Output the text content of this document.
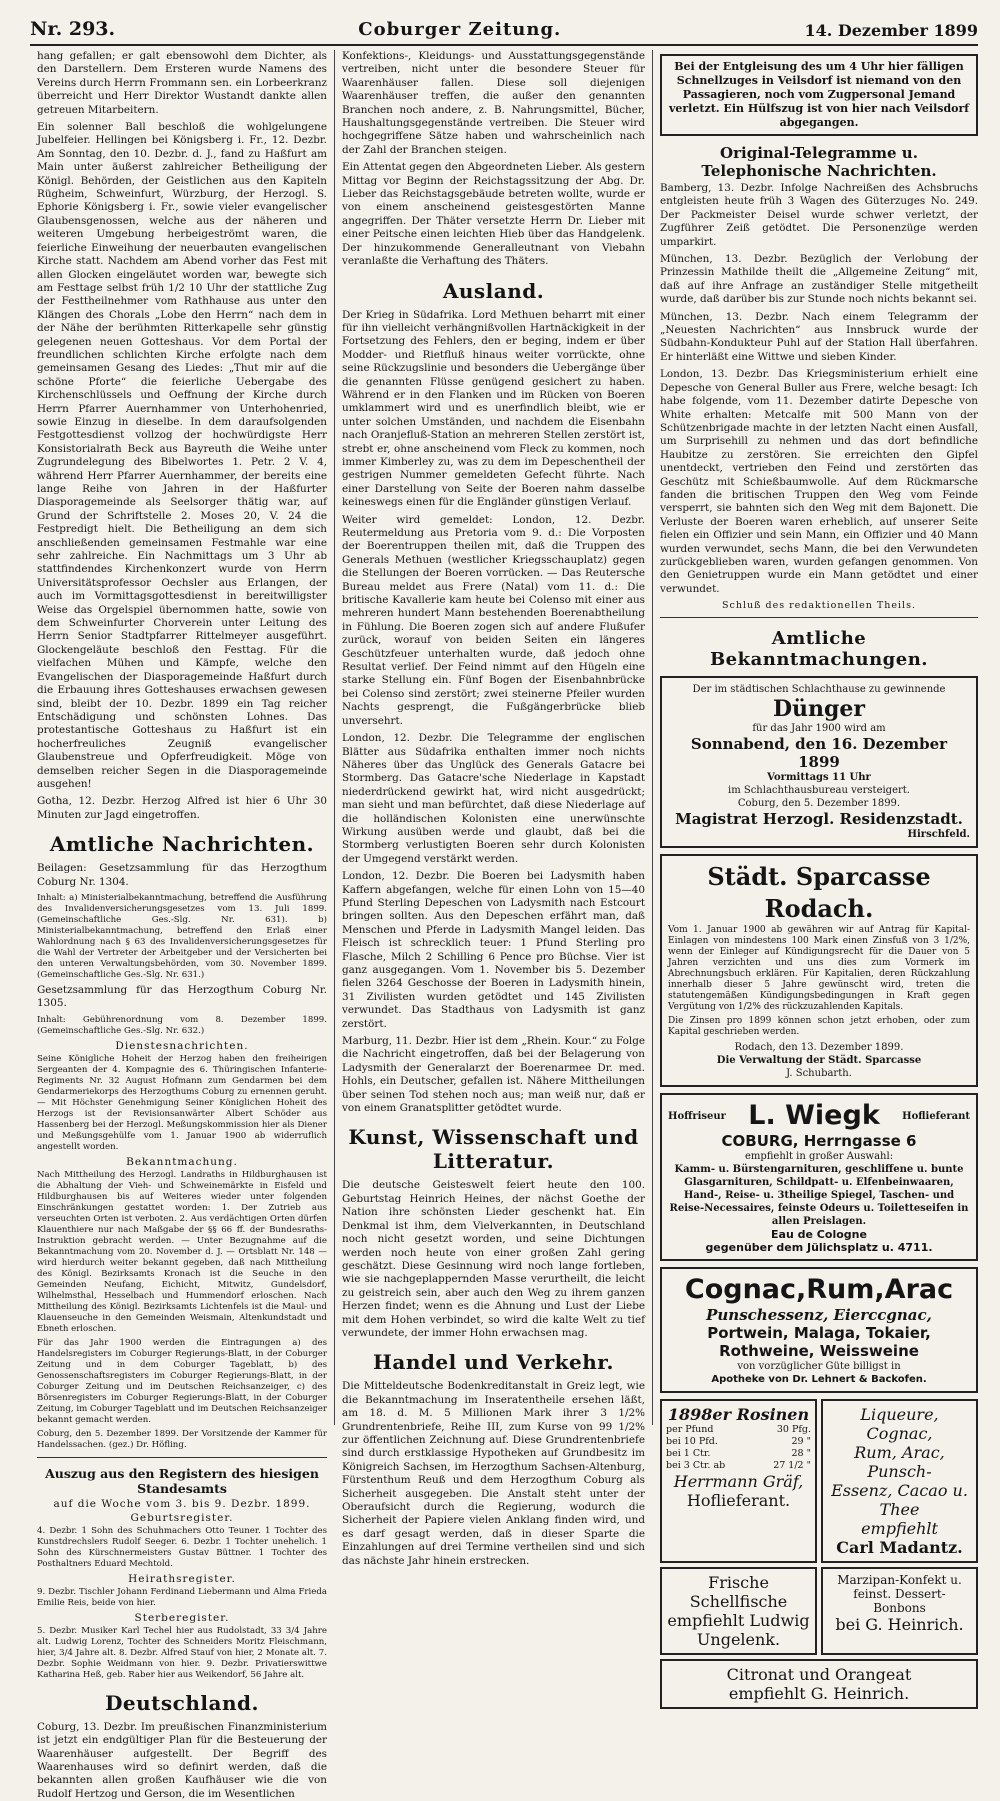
Nr. 293.	Coburger Zeitung.	14. Dezember 1899

hang gefallen; er galt ebensowohl dem Dichter, als den Darstellern. Dem Ersteren wurde Namens des Vereins durch Herrn Frommann sen. ein Lorbeerkranz überreicht und Herr Direktor Wustandt dankte allen getreuen Mitarbeitern.

Ein solenner Ball beschloß die wohlgelungene Jubelfeier. Hellingen bei Königsberg i. Fr., 12. Dezbr. Am Sonntag, den 10. Dezbr. d. J., fand zu Haßfurt am Main unter äußerst zahlreicher Betheiligung der Königl. Behörden, der Geistlichen aus den Kapiteln Rügheim, Schweinfurt, Würzburg, der Herzogl. S. Ephorie Königsberg i. Fr., sowie vieler evangelischer Glaubensgenossen, welche aus der näheren und weiteren Umgebung herbeigeströmt waren, die feierliche Einweihung der neuerbauten evangelischen Kirche statt. Nachdem am Abend vorher das Fest mit allen Glocken eingeläutet worden war, bewegte sich am Festtage selbst früh 1/2 10 Uhr der stattliche Zug der Festtheilnehmer vom Rathhause aus unter den Klängen des Chorals „Lobe den Herrn“ nach dem in der Nähe der berühmten Ritterkapelle sehr günstig gelegenen neuen Gotteshaus. Vor dem Portal der freundlichen schlichten Kirche erfolgte nach dem gemeinsamen Gesang des Liedes: „Thut mir auf die schöne Pforte“ die feierliche Uebergabe des Kirchenschlüssels und Oeffnung der Kirche durch Herrn Pfarrer Auernhammer von Unterhohenried, sowie Einzug in dieselbe. In dem daraufsolgenden Festgottesdienst vollzog der hochwürdigste Herr Konsistorialrath Beck aus Bayreuth die Weihe unter Zugrundelegung des Bibelwortes 1. Petr. 2 V. 4, während Herr Pfarrer Auernhammer, der bereits eine lange Reihe von Jahren in der Haßfurter Diasporagemeinde als Seelsorger thätig war, auf Grund der Schriftstelle 2. Moses 20, V. 24 die Festpredigt hielt. Die Betheiligung an dem sich anschließenden gemeinsamen Festmahle war eine sehr zahlreiche. Ein Nachmittags um 3 Uhr ab stattfindendes Kirchenkonzert wurde von Herrn Universitätsprofessor Oechsler aus Erlangen, der auch im Vormittagsgottesdienst in bereitwilligster Weise das Orgelspiel übernommen hatte, sowie von dem Schweinfurter Chorverein unter Leitung des Herrn Senior Stadtpfarrer Rittelmeyer ausgeführt. Glockengeläute beschloß den Festtag. Für die vielfachen Mühen und Kämpfe, welche den Evangelischen der Diasporagemeinde Haßfurt durch die Erbauung ihres Gotteshauses erwachsen gewesen sind, bleibt der 10. Dezbr. 1899 ein Tag reicher Entschädigung und schönsten Lohnes. Das protestantische Gotteshaus zu Haßfurt ist ein hocherfreuliches Zeugniß evangelischer Glaubenstreue und Opferfreudigkeit. Möge von demselben reicher Segen in die Diasporagemeinde ausgehen!

Gotha, 12. Dezbr. Herzog Alfred ist hier 6 Uhr 30 Minuten zur Jagd eingetroffen.

Amtliche Nachrichten.

Beilagen: Gesetzsammlung für das Herzogthum Coburg Nr. 1304.

Inhalt: a) Ministerialbekanntmachung, betreffend die Ausführung des Invalidenversicherungsgesetzes vom 13. Juli 1899. (Gemeinschaftliche Ges.-Slg. Nr. 631). b) Ministerialbekanntmachung, betreffend den Erlaß einer Wahlordnung nach § 63 des Invalidenversicherungsgesetzes für die Wahl der Vertreter der Arbeitgeber und der Versicherten bei den unteren Verwaltungsbehörden, vom 30. November 1899. (Gemeinschaftliche Ges.-Slg. Nr. 631.)

Gesetzsammlung für das Herzogthum Coburg Nr. 1305.

Inhalt: Gebührenordnung vom 8. Dezember 1899. (Gemeinschaftliche Ges.-Slg. Nr. 632.)

Dienstesnachrichten.

Seine Königliche Hoheit der Herzog haben den freiheirigen Sergeanten der 4. Kompagnie des 6. Thüringischen Infanterie-Regiments Nr. 32 August Hofmann zum Gendarmen bei dem Gendarmeriekorps des Herzogthums Coburg zu ernennen geruht. — Mit Höchster Genehmigung Seiner Königlichen Hoheit des Herzogs ist der Revisionsanwärter Albert Schöder aus Hassenberg bei der Herzogl. Meßungskommission hier als Diener und Meßungsgehülfe vom 1. Januar 1900 ab widerruflich angestellt worden.

Bekanntmachung.

Nach Mittheilung des Herzogl. Landraths in Hildburghausen ist die Abhaltung der Vieh- und Schweinemärkte in Eisfeld und Hildburghausen bis auf Weiteres wieder unter folgenden Einschränkungen gestattet worden: 1. Der Zutrieb aus verseuchten Orten ist verboten. 2. Aus verdächtigen Orten dürfen Klauenthiere nur nach Maßgabe der §§ 66 ff. der Bundesraths-Instruktion gebracht werden. — Unter Bezugnahme auf die Bekanntmachung vom 20. November d. J. — Ortsblatt Nr. 148 — wird hierdurch weiter bekannt gegeben, daß nach Mittheilung des Königl. Bezirksamts Kronach ist die Seuche in den Gemeinden Neufang, Eichicht, Mitwitz, Gundelsdorf, Wilhelmsthal, Hesselbach und Hummendorf erloschen. Nach Mittheilung des Königl. Bezirksamts Lichtenfels ist die Maul- und Klauenseuche in den Gemeinden Weismain, Altenkundstadt und Ebneth erloschen.

Für das Jahr 1900 werden die Eintragungen a) des Handelsregisters im Coburger Regierungs-Blatt, in der Coburger Zeitung und in dem Coburger Tageblatt, b) des Genossenschaftsregisters im Coburger Regierungs-Blatt, in der Coburger Zeitung und im Deutschen Reichsanzeiger, c) des Börsenregisters im Coburger Regierungs-Blatt, in der Coburger Zeitung, im Coburger Tageblatt und im Deutschen Reichsanzeiger bekannt gemacht werden.

Coburg, den 5. Dezember 1899. Der Vorsitzende der Kammer für Handelssachen. (gez.) Dr. Höfling.

Auszug aus den Registern des hiesigen Standesamts
auf die Woche vom 3. bis 9. Dezbr. 1899.
Geburtsregister.

4. Dezbr. 1 Sohn des Schuhmachers Otto Teuner. 1 Tochter des Kunstdrechslers Rudolf Seeger. 6. Dezbr. 1 Tochter unehelich. 1 Sohn des Kürschnermeisters Gustav Büttner. 1 Tochter des Posthaltners Eduard Mechtold.

Heirathsregister.

9. Dezbr. Tischler Johann Ferdinand Liebermann und Alma Frieda Emilie Reis, beide von hier.

Sterberegister.

5. Dezbr. Musiker Karl Techel hier aus Rudolstadt, 33 3/4 Jahre alt. Ludwig Lorenz, Tochter des Schneiders Moritz Fleischmann, hier, 3/4 Jahre alt. 8. Dezbr. Alfred Stauf von hier, 2 Monate alt. 7. Dezbr. Sophie Weidmann von hier. 9. Dezbr. Privatierswittwe Katharina Heß, geb. Raber hier aus Weikendorf, 56 Jahre alt.

Deutschland.

Coburg, 13. Dezbr. Im preußischen Finanzministerium ist jetzt ein endgültiger Plan für die Besteuerung der Waarenhäuser aufgestellt. Der Begriff des Waarenhauses wird so definirt werden, daß die bekannten allen großen Kaufhäuser wie die von Rudolf Hertzog und Gerson, die im Wesentlichen

Konfektions-, Kleidungs- und Ausstattungsgegenstände vertreiben, nicht unter die besondere Steuer für Waarenhäuser fallen. Diese soll diejenigen Waarenhäuser treffen, die außer den genannten Branchen noch andere, z. B. Nahrungsmittel, Bücher, Haushaltungsgegenstände vertreiben. Die Steuer wird hochgegriffene Sätze haben und wahrscheinlich nach der Zahl der Branchen steigen.

Ein Attentat gegen den Abgeordneten Lieber. Als gestern Mittag vor Beginn der Reichstagssitzung der Abg. Dr. Lieber das Reichstagsgebäude betreten wollte, wurde er von einem anscheinend geistesgestörten Manne angegriffen. Der Thäter versetzte Herrn Dr. Lieber mit einer Peitsche einen leichten Hieb über das Handgelenk. Der hinzukommende Generalleutnant von Viebahn veranlaßte die Verhaftung des Thäters.

Ausland.

Der Krieg in Südafrika. Lord Methuen beharrt mit einer für ihn vielleicht verhängnißvollen Hartnäckigkeit in der Fortsetzung des Fehlers, den er beging, indem er über Modder- und Rietfluß hinaus weiter vorrückte, ohne seine Rückzugslinie und besonders die Uebergänge über die genannten Flüsse genügend gesichert zu haben. Während er in den Flanken und im Rücken von Boeren umklammert wird und es unerfindlich bleibt, wie er unter solchen Umständen, und nachdem die Eisenbahn nach Oranjefluß-Station an mehreren Stellen zerstört ist, strebt er, ohne anscheinend vom Fleck zu kommen, noch immer Kimberley zu, was zu dem im Depeschentheil der gestrigen Nummer gemeldeten Gefecht führte. Nach einer Darstellung von Seite der Boeren nahm dasselbe keineswegs einen für die Engländer günstigen Verlauf.

Weiter wird gemeldet: London, 12. Dezbr. Reutermeldung aus Pretoria vom 9. d.: Die Vorposten der Boerentruppen theilen mit, daß die Truppen des Generals Methuen (westlicher Kriegsschauplatz) gegen die Stellungen der Boeren vorrücken. — Das Reutersche Bureau meldet aus Frere (Natal) vom 11. d.: Die britische Kavallerie kam heute bei Colenso mit einer aus mehreren hundert Mann bestehenden Boerenabtheilung in Fühlung. Die Boeren zogen sich auf andere Flußufer zurück, worauf von beiden Seiten ein längeres Geschützfeuer unterhalten wurde, daß jedoch ohne Resultat verlief. Der Feind nimmt auf den Hügeln eine starke Stellung ein. Fünf Bogen der Eisenbahnbrücke bei Colenso sind zerstört; zwei steinerne Pfeiler wurden Nachts gesprengt, die Fußgängerbrücke blieb unversehrt.

London, 12. Dezbr. Die Telegramme der englischen Blätter aus Südafrika enthalten immer noch nichts Näheres über das Unglück des Generals Gatacre bei Stormberg. Das Gatacre'sche Niederlage in Kapstadt niederdrückend gewirkt hat, wird nicht ausgedrückt; man sieht und man befürchtet, daß diese Niederlage auf die holländischen Kolonisten eine unerwünschte Wirkung ausüben werde und glaubt, daß bei die Stormberg verlustigten Boeren sehr durch Kolonisten der Umgegend verstärkt werden.

London, 12. Dezbr. Die Boeren bei Ladysmith haben Kaffern abgefangen, welche für einen Lohn von 15—40 Pfund Sterling Depeschen von Ladysmith nach Estcourt bringen sollten. Aus den Depeschen erfährt man, daß Menschen und Pferde in Ladysmith Mangel leiden. Das Fleisch ist schrecklich teuer: 1 Pfund Sterling pro Flasche, Milch 2 Schilling 6 Pence pro Büchse. Vier ist ganz ausgegangen. Vom 1. November bis 5. Dezember fielen 3264 Geschosse der Boeren in Ladysmith hinein, 31 Zivilisten wurden getödtet und 145 Zivilisten verwundet. Das Stadthaus von Ladysmith ist ganz zerstört.

Marburg, 11. Dezbr. Hier ist dem „Rhein. Kour.“ zu Folge die Nachricht eingetroffen, daß bei der Belagerung von Ladysmith der Generalarzt der Boerenarmee Dr. med. Hohls, ein Deutscher, gefallen ist. Nähere Mittheilungen über seinen Tod stehen noch aus; man weiß nur, daß er von einem Granatsplitter getödtet wurde.

Kunst, Wissenschaft und Litteratur.

Die deutsche Geisteswelt feiert heute den 100. Geburtstag Heinrich Heines, der nächst Goethe der Nation ihre schönsten Lieder geschenkt hat. Ein Denkmal ist ihm, dem Vielverkannten, in Deutschland noch nicht gesetzt worden, und seine Dichtungen werden noch heute von einer großen Zahl gering geschätzt. Diese Gesinnung wird noch lange fortleben, wie sie nachgeplappernden Masse verurtheilt, die leicht zu geistreich sein, aber auch den Weg zu ihrem ganzen Herzen findet; wenn es die Ahnung und Lust der Liebe mit dem Hohen verbindet, so wird die kalte Welt zu tief verwundete, der immer Hohn erwachsen mag.

Handel und Verkehr.

Die Mitteldeutsche Bodenkreditanstalt in Greiz legt, wie die Bekanntmachung im Inseratentheile ersehen läßt, am 18. d. M. 5 Millionen Mark ihrer 3 1/2% Grundrentenbriefe, Reihe III, zum Kurse von 99 1/2% zur öffentlichen Zeichnung auf. Diese Grundrentenbriefe sind durch erstklassige Hypotheken auf Grundbesitz im Königreich Sachsen, im Herzogthum Sachsen-Altenburg, Fürstenthum Reuß und dem Herzogthum Coburg als Sicherheit ausgegeben. Die Anstalt steht unter der Oberaufsicht durch die Regierung, wodurch die Sicherheit der Papiere vielen Anklang finden wird, und es darf gesagt werden, daß in dieser Sparte die Einzahlungen auf drei Termine vertheilen sind und sich das nächste Jahr hinein erstrecken.

Bei der Entgleisung des um 4 Uhr hier fälligen Schnellzuges in Veilsdorf ist niemand von den Passagieren, noch vom Zugpersonal Jemand verletzt. Ein Hülfszug ist von hier nach Veilsdorf abgegangen.
Original-Telegramme u. Telephonische Nachrichten.

Bamberg, 13. Dezbr. Infolge Nachreißen des Achsbruchs entgleisten heute früh 3 Wagen des Güterzuges No. 249. Der Packmeister Deisel wurde schwer verletzt, der Zugführer Zeiß getödtet. Die Personenzüge werden umparkirt.

München, 13. Dezbr. Bezüglich der Verlobung der Prinzessin Mathilde theilt die „Allgemeine Zeitung“ mit, daß auf ihre Anfrage an zuständiger Stelle mitgetheilt wurde, daß darüber bis zur Stunde noch nichts bekannt sei.

München, 13. Dezbr. Nach einem Telegramm der „Neuesten Nachrichten“ aus Innsbruck wurde der Südbahn-Kondukteur Puhl auf der Station Hall überfahren. Er hinterläßt eine Wittwe und sieben Kinder.

London, 13. Dezbr. Das Kriegsministerium erhielt eine Depesche von General Buller aus Frere, welche besagt: Ich habe folgende, vom 11. Dezember datirte Depesche von White erhalten: Metcalfe mit 500 Mann von der Schützenbrigade machte in der letzten Nacht einen Ausfall, um Surprisehill zu nehmen und das dort befindliche Haubitze zu zerstören. Sie erreichten den Gipfel unentdeckt, vertrieben den Feind und zerstörten das Geschütz mit Schießbaumwolle. Auf dem Rückmarsche fanden die britischen Truppen den Weg vom Feinde versperrt, sie bahnten sich den Weg mit dem Bajonett. Die Verluste der Boeren waren erheblich, auf unserer Seite fielen ein Offizier und sein Mann, ein Offizier und 40 Mann wurden verwundet, sechs Mann, die bei den Verwundeten zurückgeblieben waren, wurden gefangen genommen. Von den Genietruppen wurde ein Mann getödtet und einer verwundet.

Schluß des redaktionellen Theils.
Amtliche Bekanntmachungen.
Der im städtischen Schlachthause zu gewinnende
Dünger
für das Jahr 1900 wird am
Sonnabend, den 16. Dezember 1899
Vormittags 11 Uhr
im Schlachthausbureau versteigert.
Coburg, den 5. Dezember 1899.
Magistrat Herzogl. Residenzstadt.
Hirschfeld.
Städt. Sparcasse Rodach.

Vom 1. Januar 1900 ab gewähren wir auf Antrag für Kapital-Einlagen von mindestens 100 Mark einen Zinsfuß von 3 1/2%, wenn der Einleger auf Kündigungsrecht für die Dauer von 5 Jahren verzichten und uns dies zum Vormerk im Abrechnungsbuch erklären. Für Kapitalien, deren Rückzahlung innerhalb dieser 5 Jahre gewünscht wird, treten die statutengemäßen Kündigungsbedingungen in Kraft gegen Vergütung von 1/2% des rückzuzahlenden Kapitals.

Die Zinsen pro 1899 können schon jetzt erhoben, oder zum Kapital geschrieben werden.

Rodach, den 13. Dezember 1899.
Die Verwaltung der Städt. Sparcasse
J. Schubarth.
Hoffriseur L. Wiegk Hoflieferant
COBURG, Herrngasse 6
empfiehlt in großer Auswahl:
Kamm- u. Bürstengarnituren, geschliffene u. bunte Glasgarnituren, Schildpatt- u. Elfenbeinwaaren, Hand-, Reise- u. 3theilige Spiegel, Taschen- und Reise-Necessaires, feinste Odeurs u. Toiletteseifen in allen Preislagen.
Eau de Cologne
gegenüber dem Jülichsplatz u. 4711.
Cognac,Rum,Arac
Punschessenz, Eierccgnac,
Portwein, Malaga, Tokaier,
Rothweine, Weissweine
von vorzüglicher Güte billigst in
Apotheke von Dr. Lehnert & Backofen.
1898er Rosinen
per Pfund	30 Pfg.
bei 10 Pfd.	29 "
bei 1 Ctr.	28 "
bei 3 Ctr. ab	27 1/2 "
Herrmann Gräf,
Hoflieferant.
Liqueure, Cognac,
Rum, Arac, Punsch-
Essenz, Cacao u. Thee
empfiehlt
Carl Madantz.
Frische Schellfische
empfiehlt Ludwig Ungelenk.
Marzipan-Konfekt u. feinst. Dessert-Bonbons
bei G. Heinrich.
Citronat und Orangeat
empfiehlt G. Heinrich.
